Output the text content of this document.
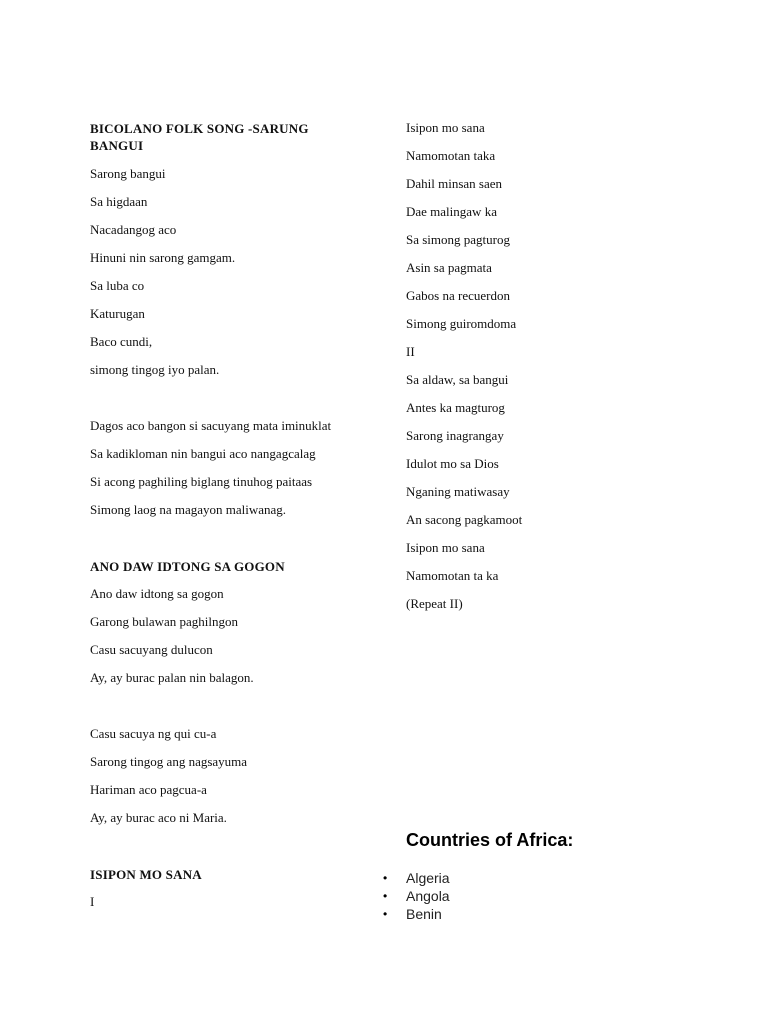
BICOLANO FOLK SONG -SARUNG BANGUI
Sarong bangui
Sa higdaan
Nacadangog aco
Hinuni nin sarong gamgam.
Sa luba co
Katurugan
Baco cundi,
simong tingog iyo palan.
Dagos aco bangon si sacuyang mata iminuklat
Sa kadikloman nin bangui aco nangagcalag
Si acong paghiling biglang tinuhog paitaas
Simong laog na magayon maliwanag.
ANO DAW IDTONG SA GOGON
Ano daw idtong sa gogon
Garong bulawan paghilngon
Casu sacuyang dulucon
Ay, ay burac palan nin balagon.
Casu sacuya ng qui cu-a
Sarong tingog ang nagsayuma
Hariman aco pagcua-a
Ay, ay burac aco ni Maria.
ISIPON MO SANA
I
Isipon mo sana
Namomotan taka
Dahil minsan saen
Dae malingaw ka
Sa simong pagturog
Asin sa pagmata
Gabos na recuerdon
Simong guiromdoma
II
Sa aldaw, sa bangui
Antes ka magturog
Sarong inagrangay
Idulot mo sa Dios
Nganing matiwasay
An sacong pagkamoot
Isipon mo sana
Namomotan ta ka
(Repeat II)
Countries of Africa:
• Algeria
• Angola
• Benin
